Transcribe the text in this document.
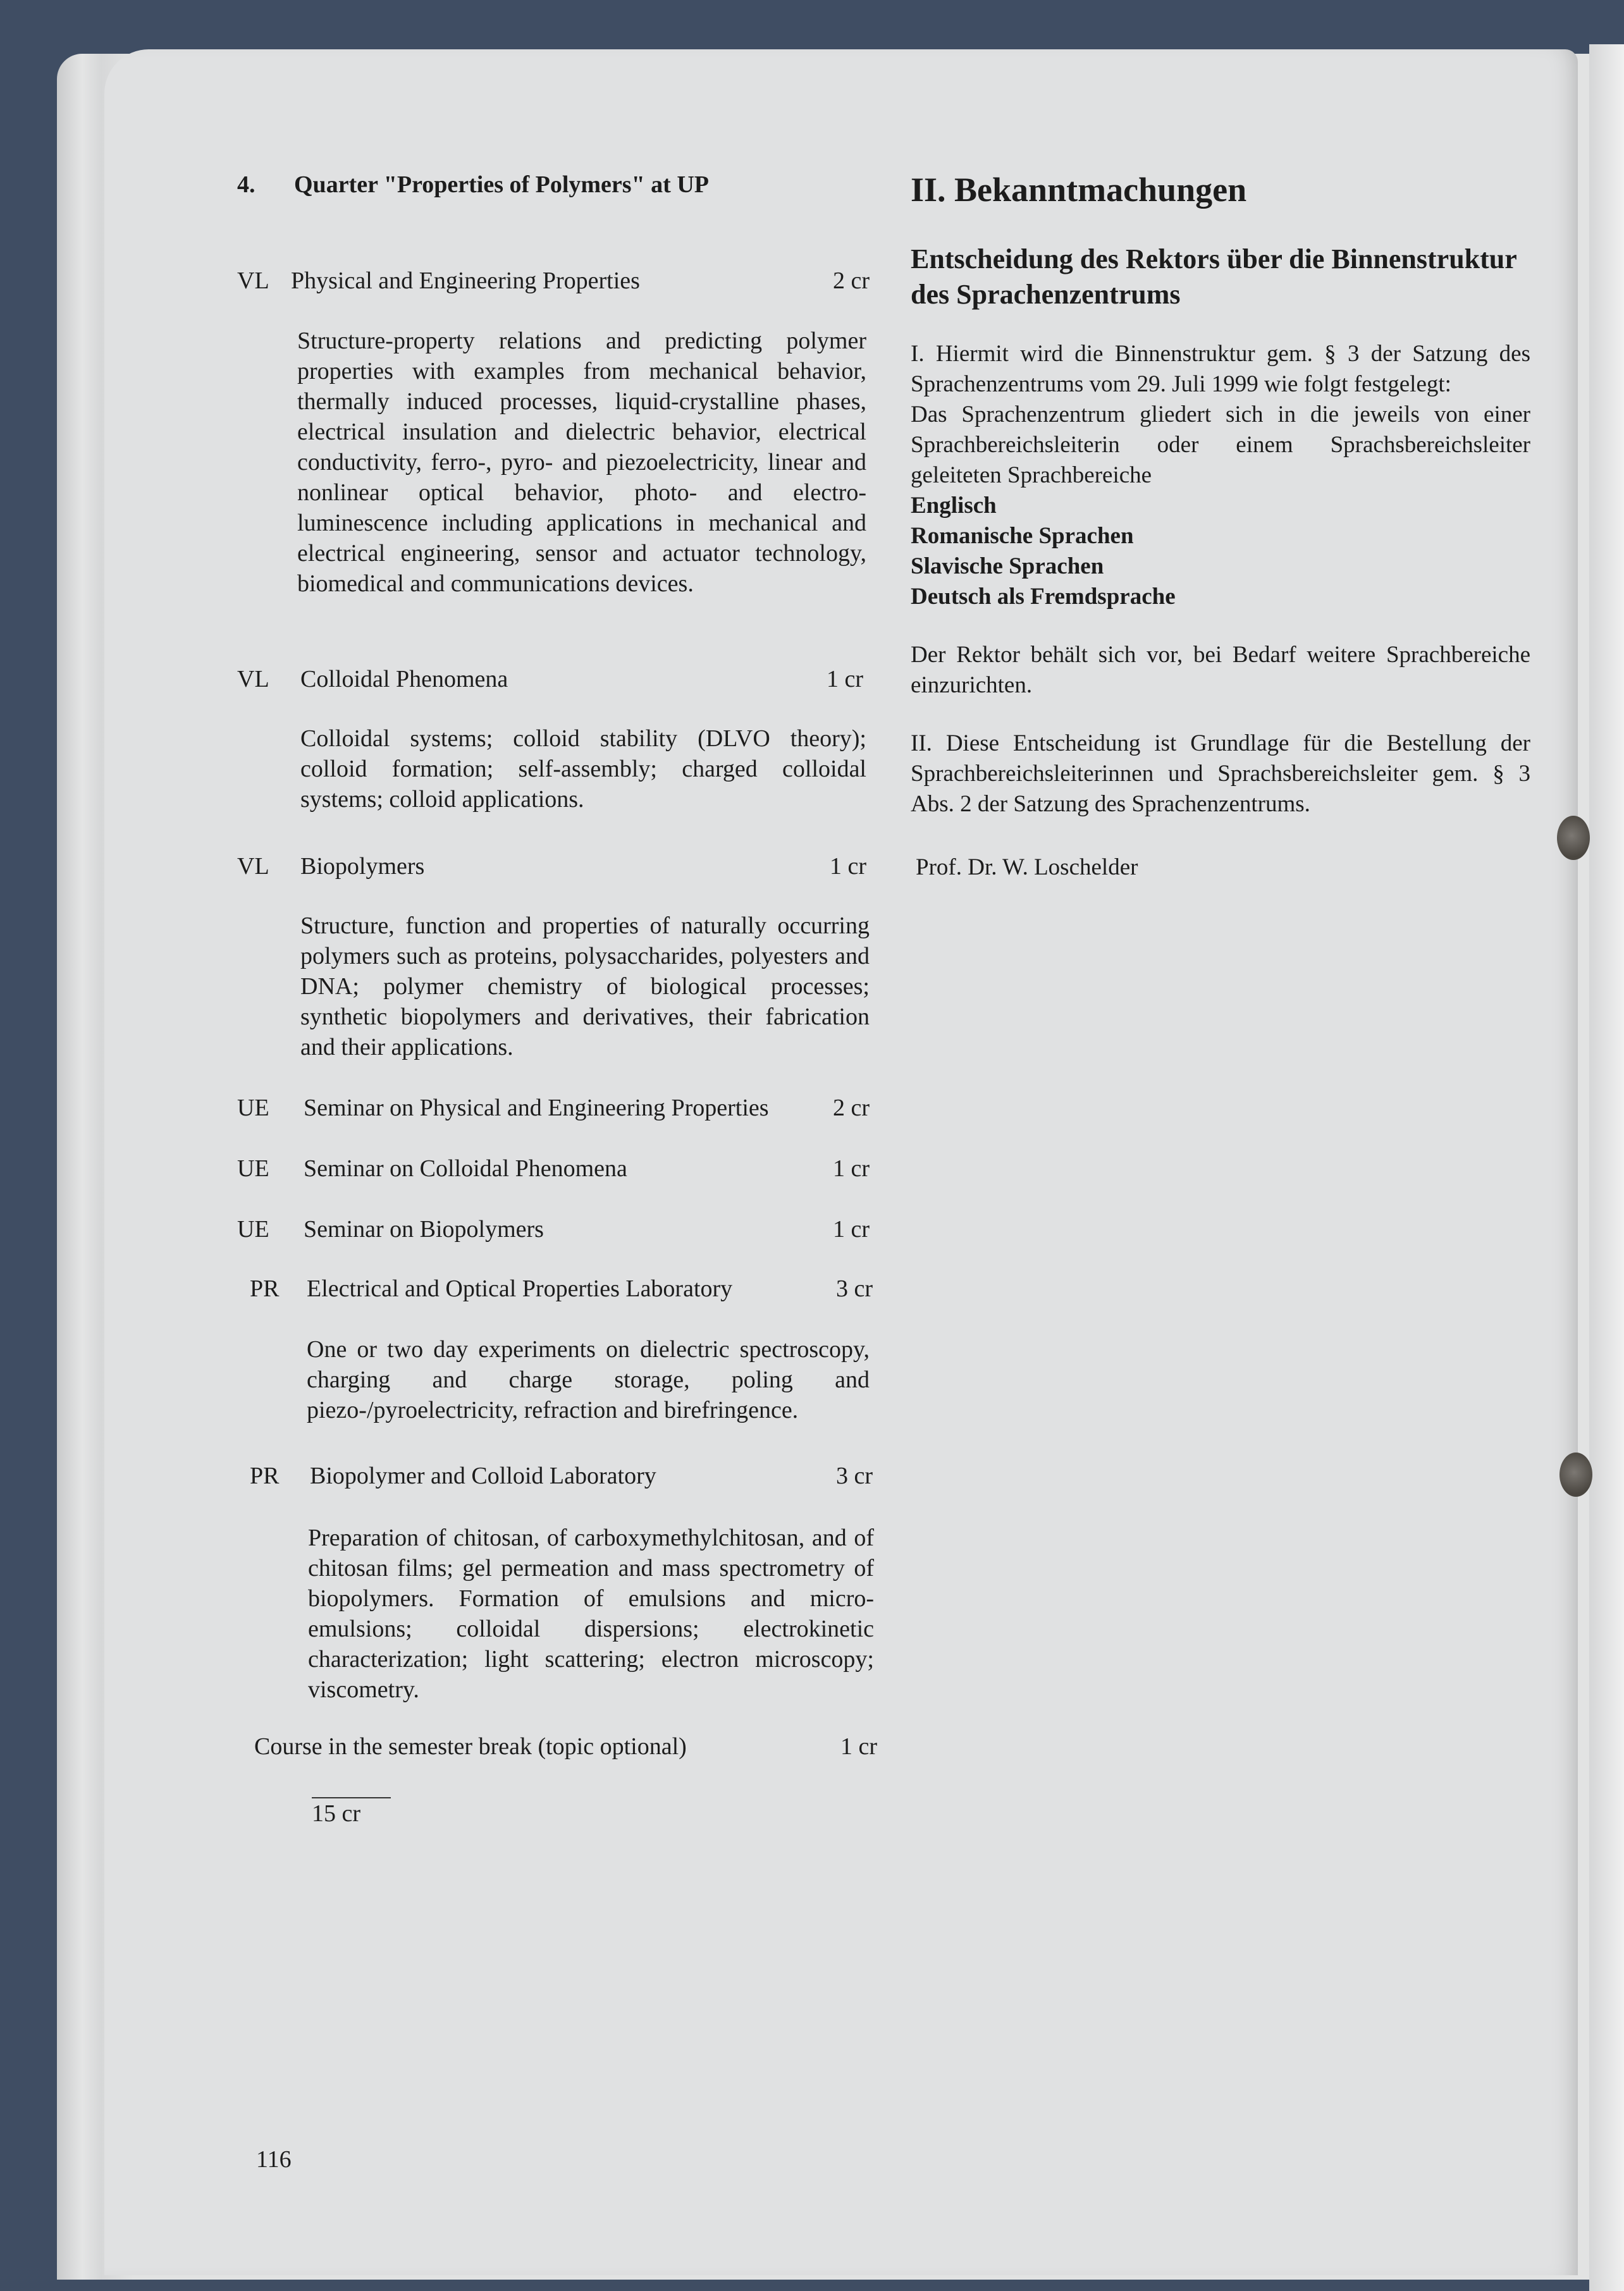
4.	Quarter "Properties of Polymers" at UP
VL Physical and Engineering Properties	2 cr
Structure-property relations and predicting polymer properties with examples from mechanical behavior, thermally induced processes, liquid-crystalline phases, electrical insulation and dielectric behavior, electrical conductivity, ferro-, pyro- and piezoelectricity, linear and nonlinear optical behavior, photo- and electro-luminescence including applications in mechanical and electrical engineering, sensor and actuator technology, biomedical and communications devices.
VL	Colloidal Phenomena	1 cr
Colloidal systems; colloid stability (DLVO theory); colloid formation; self-assembly; charged colloidal systems; colloid applications.
VL	Biopolymers	1 cr
Structure, function and properties of naturally occurring polymers such as proteins, polysaccharides, polyesters and DNA; polymer chemistry of biological processes; synthetic biopolymers and derivatives, their fabrication and their applications.
UE	Seminar on Physical and Engineering Properties	2 cr
UE	Seminar on Colloidal Phenomena	1 cr
UE	Seminar on Biopolymers	1 cr
PR	Electrical and Optical Properties Laboratory	3 cr
One or two day experiments on dielectric spectroscopy, charging and charge storage, poling and piezo-/pyroelectricity, refraction and birefringence.
PR	Biopolymer and Colloid Laboratory	3 cr
Preparation of chitosan, of carboxymethylchitosan, and of chitosan films; gel permeation and mass spectrometry of biopolymers. Formation of emulsions and micro-emulsions; colloidal dispersions; electrokinetic characterization; light scattering; electron microscopy; viscometry.
Course in the semester break (topic optional)	1 cr
15 cr
116
II. Bekanntmachungen
Entscheidung des Rektors über die Binnenstruktur des Sprachenzentrums
I. Hiermit wird die Binnenstruktur gem. § 3 der Satzung des Sprachenzentrums vom 29. Juli 1999 wie folgt festgelegt:
Das Sprachenzentrum gliedert sich in die jeweils von einer Sprachbereichsleiterin oder einem Sprachsbereichsleiter geleiteten Sprachbereiche
Englisch
Romanische Sprachen
Slavische Sprachen
Deutsch als Fremdsprache
Der Rektor behält sich vor, bei Bedarf weitere Sprachbereiche einzurichten.
II. Diese Entscheidung ist Grundlage für die Bestellung der Sprachbereichsleiterinnen und Sprachsbereichsleiter gem. § 3 Abs. 2 der Satzung des Sprachenzentrums.
Prof. Dr. W. Loschelder
